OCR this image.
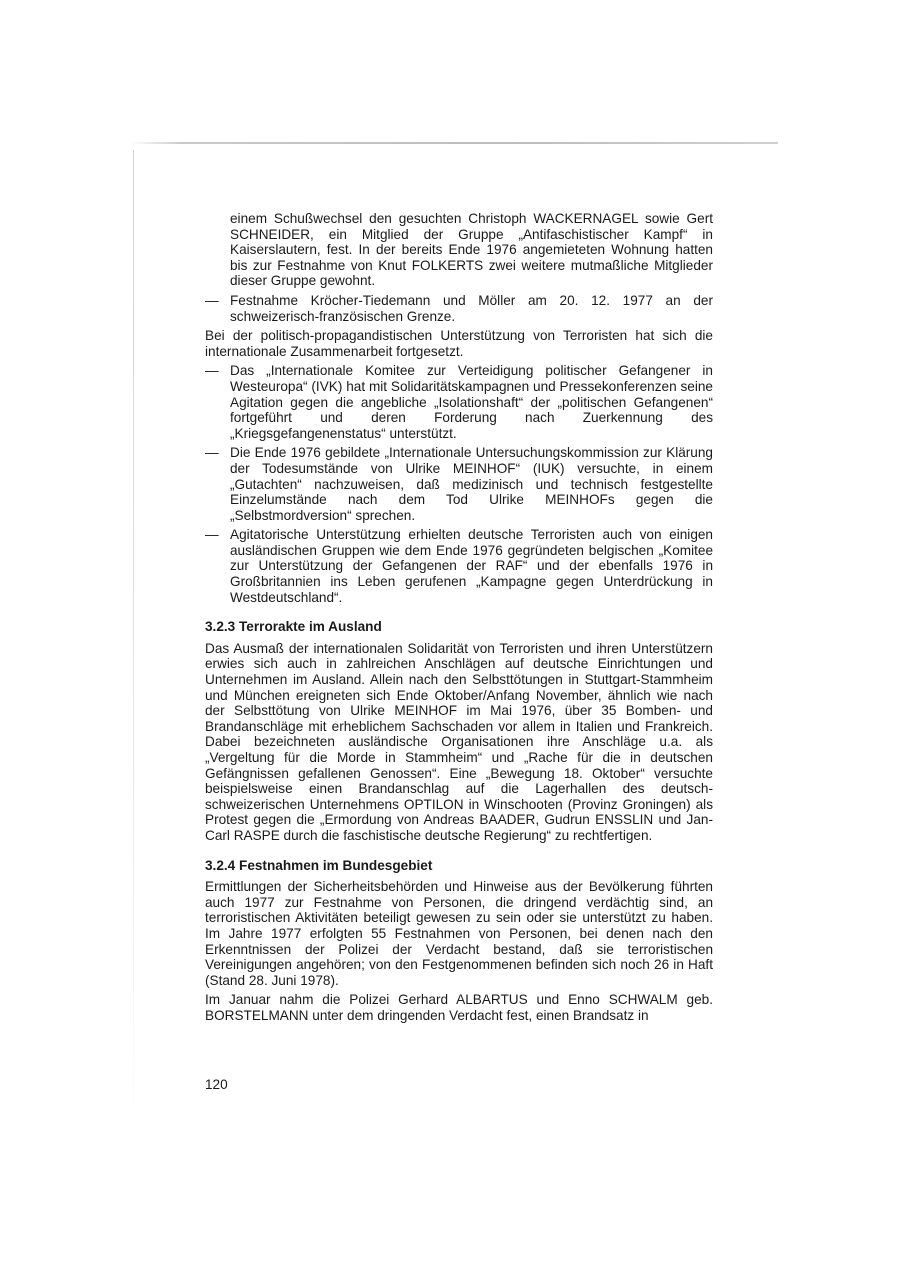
einem Schußwechsel den gesuchten Christoph WACKERNAGEL sowie Gert SCHNEIDER, ein Mitglied der Gruppe „Antifaschistischer Kampf“ in Kaiserslautern, fest. In der bereits Ende 1976 angemieteten Wohnung hatten bis zur Festnahme von Knut FOLKERTS zwei weitere mutmaßliche Mitglieder dieser Gruppe gewohnt.
— Festnahme Kröcher-Tiedemann und Möller am 20. 12. 1977 an der schweizerisch-französischen Grenze.

Bei der politisch-propagandistischen Unterstützung von Terroristen hat sich die internationale Zusammenarbeit fortgesetzt.

— Das „Internationale Komitee zur Verteidigung politischer Gefangener in Westeuropa“ (IVK) hat mit Solidaritätskampagnen und Pressekonferenzen seine Agitation gegen die angebliche „Isolationshaft“ der „politischen Gefangenen“ fortgeführt und deren Forderung nach Zuerkennung des „Kriegsgefangenenstatus“ unterstützt.
— Die Ende 1976 gebildete „Internationale Untersuchungskommission zur Klärung der Todesumstände von Ulrike MEINHOF“ (IUK) versuchte, in einem „Gutachten“ nachzuweisen, daß medizinisch und technisch festgestellte Einzelumstände nach dem Tod Ulrike MEINHOFs gegen die „Selbstmordversion“ sprechen.
— Agitatorische Unterstützung erhielten deutsche Terroristen auch von einigen ausländischen Gruppen wie dem Ende 1976 gegründeten belgischen „Komitee zur Unterstützung der Gefangenen der RAF“ und der ebenfalls 1976 in Großbritannien ins Leben gerufenen „Kampagne gegen Unterdrückung in Westdeutschland“.
3.2.3 Terrorakte im Ausland

Das Ausmaß der internationalen Solidarität von Terroristen und ihren Unterstützern erwies sich auch in zahlreichen Anschlägen auf deutsche Einrichtungen und Unternehmen im Ausland. Allein nach den Selbsttötungen in Stuttgart-Stammheim und München ereigneten sich Ende Oktober/Anfang November, ähnlich wie nach der Selbsttötung von Ulrike MEINHOF im Mai 1976, über 35 Bomben- und Brandanschläge mit erheblichem Sachschaden vor allem in Italien und Frankreich. Dabei bezeichneten ausländische Organisationen ihre Anschläge u.a. als „Vergeltung für die Morde in Stammheim“ und „Rache für die in deutschen Gefängnissen gefallenen Genossen“. Eine „Bewegung 18. Oktober“ versuchte beispielsweise einen Brandanschlag auf die Lagerhallen des deutsch-schweizerischen Unternehmens OPTILON in Winschooten (Provinz Groningen) als Protest gegen die „Ermordung von Andreas BAADER, Gudrun ENSSLIN und Jan-Carl RASPE durch die faschistische deutsche Regierung“ zu rechtfertigen.

3.2.4 Festnahmen im Bundesgebiet

Ermittlungen der Sicherheitsbehörden und Hinweise aus der Bevölkerung führten auch 1977 zur Festnahme von Personen, die dringend verdächtig sind, an terroristischen Aktivitäten beteiligt gewesen zu sein oder sie unterstützt zu haben. Im Jahre 1977 erfolgten 55 Festnahmen von Personen, bei denen nach den Erkenntnissen der Polizei der Verdacht bestand, daß sie terroristischen Vereinigungen angehören; von den Festgenommenen befinden sich noch 26 in Haft (Stand 28. Juni 1978).

Im Januar nahm die Polizei Gerhard ALBARTUS und Enno SCHWALM geb. BORSTELMANN unter dem dringenden Verdacht fest, einen Brandsatz in

120
